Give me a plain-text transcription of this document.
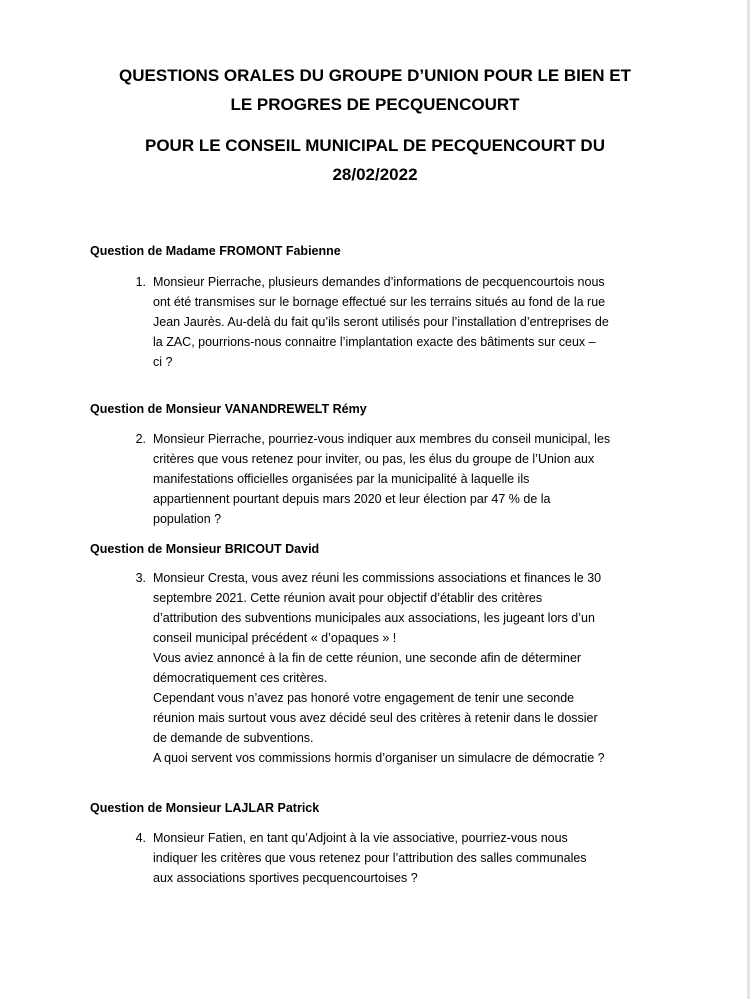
QUESTIONS ORALES DU GROUPE D’UNION POUR LE BIEN ET
LE PROGRES DE PECQUENCOURT
POUR LE CONSEIL MUNICIPAL DE PECQUENCOURT DU
28/02/2022
Question de Madame FROMONT Fabienne
1. Monsieur Pierrache, plusieurs demandes d’informations de pecquencourtois nous
ont été transmises sur le bornage effectué sur les terrains situés au fond de la rue
Jean Jaurès. Au-delà du fait qu’ils seront utilisés pour l’installation d’entreprises de
la ZAC, pourrions-nous connaitre l’implantation exacte des bâtiments sur ceux –
ci ?
Question de Monsieur VANANDREWELT Rémy
2. Monsieur Pierrache, pourriez-vous indiquer aux membres du conseil municipal, les
critères que vous retenez pour inviter, ou pas, les élus du groupe de l’Union aux
manifestations officielles organisées par la municipalité à laquelle ils
appartiennent pourtant depuis mars 2020 et leur élection par 47 % de la
population ?
Question de Monsieur BRICOUT David
3. Monsieur Cresta, vous avez réuni les commissions associations et finances le 30
septembre 2021. Cette réunion avait pour objectif d’établir des critères
d’attribution des subventions municipales aux associations, les jugeant lors d’un
conseil municipal précédent « d’opaques » !
Vous aviez annoncé à la fin de cette réunion, une seconde afin de déterminer
démocratiquement ces critères.
Cependant vous n’avez pas honoré votre engagement de tenir une seconde
réunion mais surtout vous avez décidé seul des critères à retenir dans le dossier
de demande de subventions.
A quoi servent vos commissions hormis d’organiser un simulacre de démocratie ?
Question de Monsieur LAJLAR Patrick
4. Monsieur Fatien, en tant qu’Adjoint à la vie associative, pourriez-vous nous
indiquer les critères que vous retenez pour l’attribution des salles communales
aux associations sportives pecquencourtoises ?
